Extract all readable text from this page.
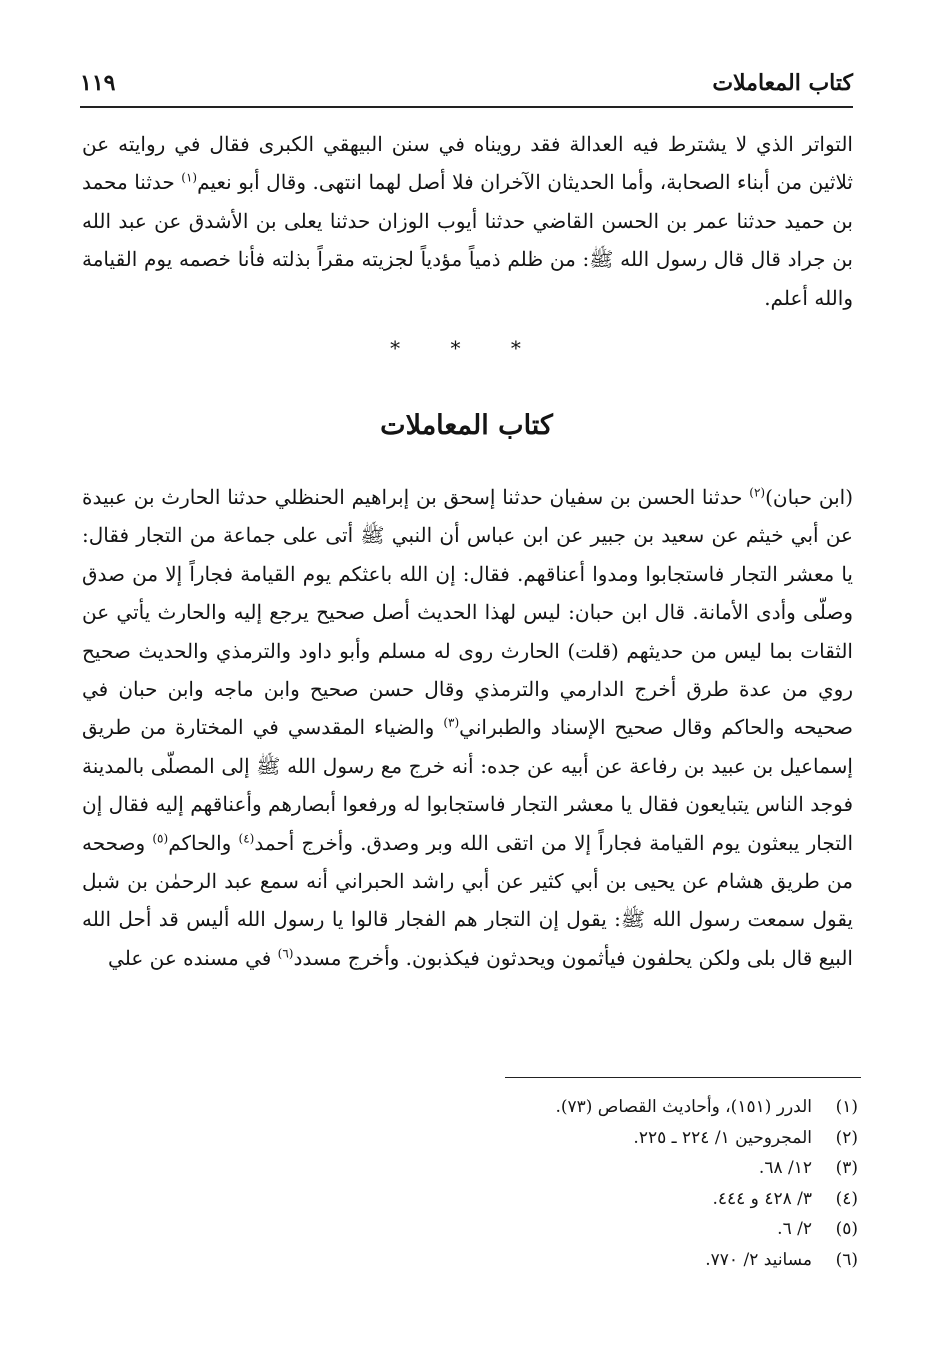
كتاب المعاملات
١١٩
التواتر الذي لا يشترط فيه العدالة فقد رويناه في سنن البيهقي الكبرى فقال في روايته عن ثلاثين من أبناء الصحابة، وأما الحديثان الآخران فلا أصل لهما انتهى. وقال أبو نعيم$^{(١)}$ حدثنا محمد بن حميد حدثنا عمر بن الحسن القاضي حدثنا أيوب الوزان حدثنا يعلى بن الأشدق عن عبد الله بن جراد قال قال رسول الله ﷺ: من ظلم ذمياً مؤدياً لجزيته مقراً بذلته فأنا خصمه يوم القيامة والله أعلم.
* * *
كتاب المعاملات
(ابن حبان)$^{(٢)}$ حدثنا الحسن بن سفيان حدثنا إسحق بن إبراهيم الحنظلي حدثنا الحارث بن عبيدة عن أبي خيثم عن سعيد بن جبير عن ابن عباس أن النبي ﷺ أتى على جماعة من التجار فقال: يا معشر التجار فاستجابوا ومدوا أعناقهم. فقال: إن الله باعثكم يوم القيامة فجاراً إلا من صدق وصلّى وأدى الأمانة. قال ابن حبان: ليس لهذا الحديث أصل صحيح يرجع إليه والحارث يأتي عن الثقات بما ليس من حديثهم (قلت) الحارث روى له مسلم وأبو داود والترمذي والحديث صحيح روي من عدة طرق أخرج الدارمي والترمذي وقال حسن صحيح وابن ماجه وابن حبان في صحيحه والحاكم وقال صحيح الإسناد والطبراني$^{(٣)}$ والضياء المقدسي في المختارة من طريق إسماعيل بن عبيد بن رفاعة عن أبيه عن جده: أنه خرج مع رسول الله ﷺ إلى المصلّى بالمدينة فوجد الناس يتبايعون فقال يا معشر التجار فاستجابوا له ورفعوا أبصارهم وأعناقهم إليه فقال إن التجار يبعثون يوم القيامة فجاراً إلا من اتقى الله وبر وصدق. وأخرج أحمد$^{(٤)}$ والحاكم$^{(٥)}$ وصححه من طريق هشام عن يحيى بن أبي كثير عن أبي راشد الحبراني أنه سمع عبد الرحمٰن بن شبل يقول سمعت رسول الله ﷺ: يقول إن التجار هم الفجار قالوا يا رسول الله أليس قد أحل الله البيع قال بلى ولكن يحلفون فيأثمون ويحدثون فيكذبون. وأخرج مسدد$^{(٦)}$ في مسنده عن علي
(١)الدرر (١٥١)، وأحاديث القصاص (٧٣).
(٢)المجروحين ١/ ٢٢٤ ـ ٢٢٥.
(٣)١٢/ ٦٨.
(٤)٣/ ٤٢٨ و ٤٤٤.
(٥)٢/ ٦.
(٦)مسانيد ٢/ ٧٧٠.
